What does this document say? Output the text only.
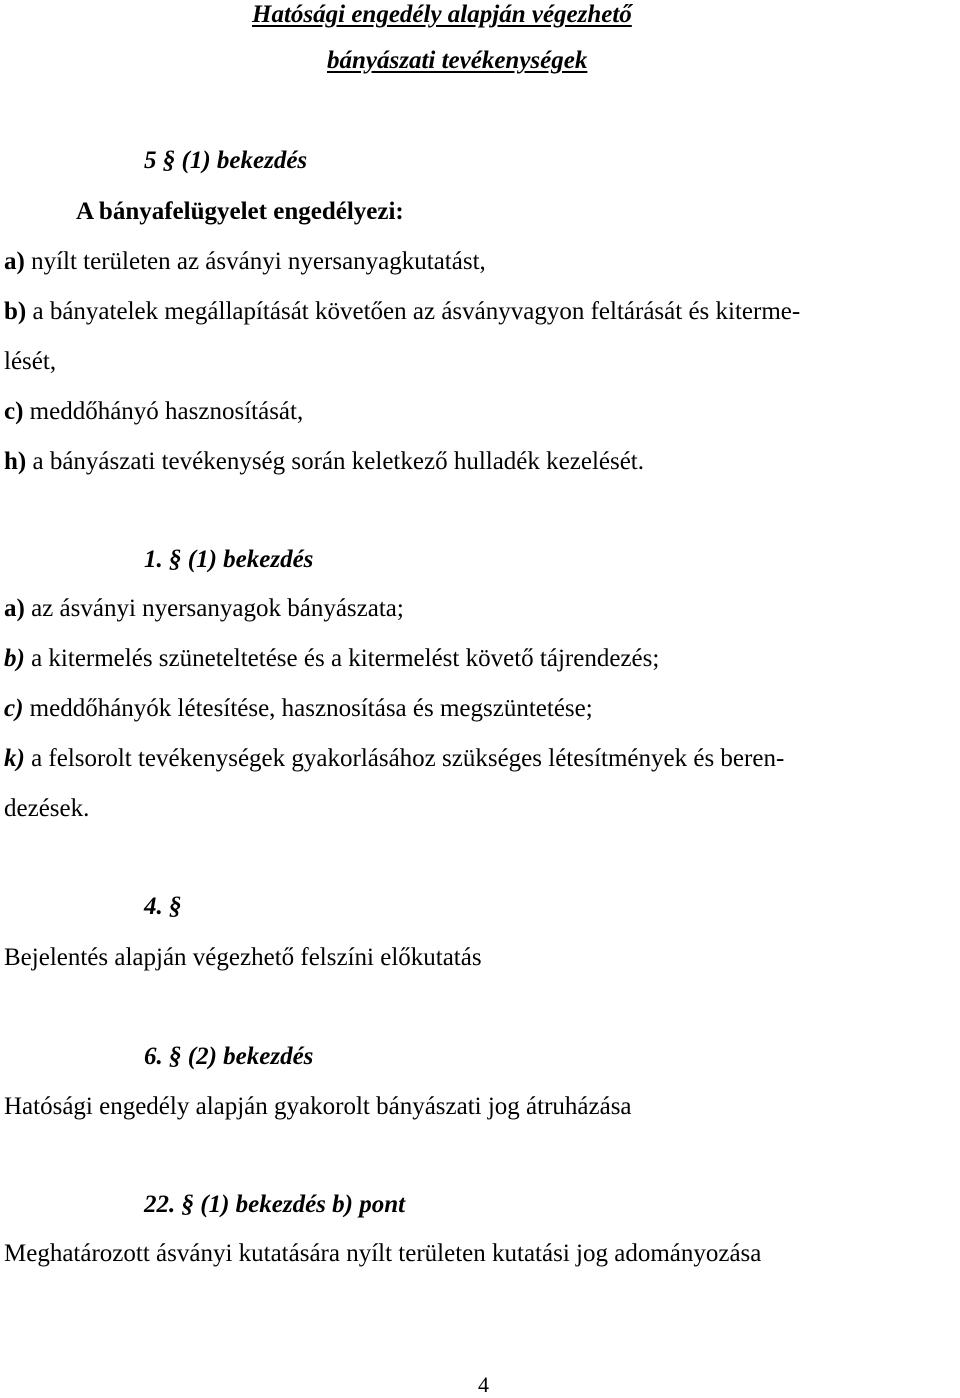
Hatósági engedély alapján végezhető
bányászati tevékenységek
5 § (1) bekezdés
A bányafelügyelet engedélyezi:
a) nyílt területen az ásványi nyersanyagkutatást,
b) a bányatelek megállapítását követően az ásványvagyon feltárását és kiterme-
lését,
c) meddőhányó hasznosítását,
h) a bányászati tevékenység során keletkező hulladék kezelését.
1. § (1) bekezdés
a) az ásványi nyersanyagok bányászata;
b) a kitermelés szüneteltetése és a kitermelést követő tájrendezés;
c) meddőhányók létesítése, hasznosítása és megszüntetése;
k) a felsorolt tevékenységek gyakorlásához szükséges létesítmények és beren-
dezések.
4. §
Bejelentés alapján végezhető felszíni előkutatás
6. § (2) bekezdés
Hatósági engedély alapján gyakorolt bányászati jog átruházása
22. § (1) bekezdés b) pont
Meghatározott ásványi kutatására nyílt területen kutatási jog adományozása
4
